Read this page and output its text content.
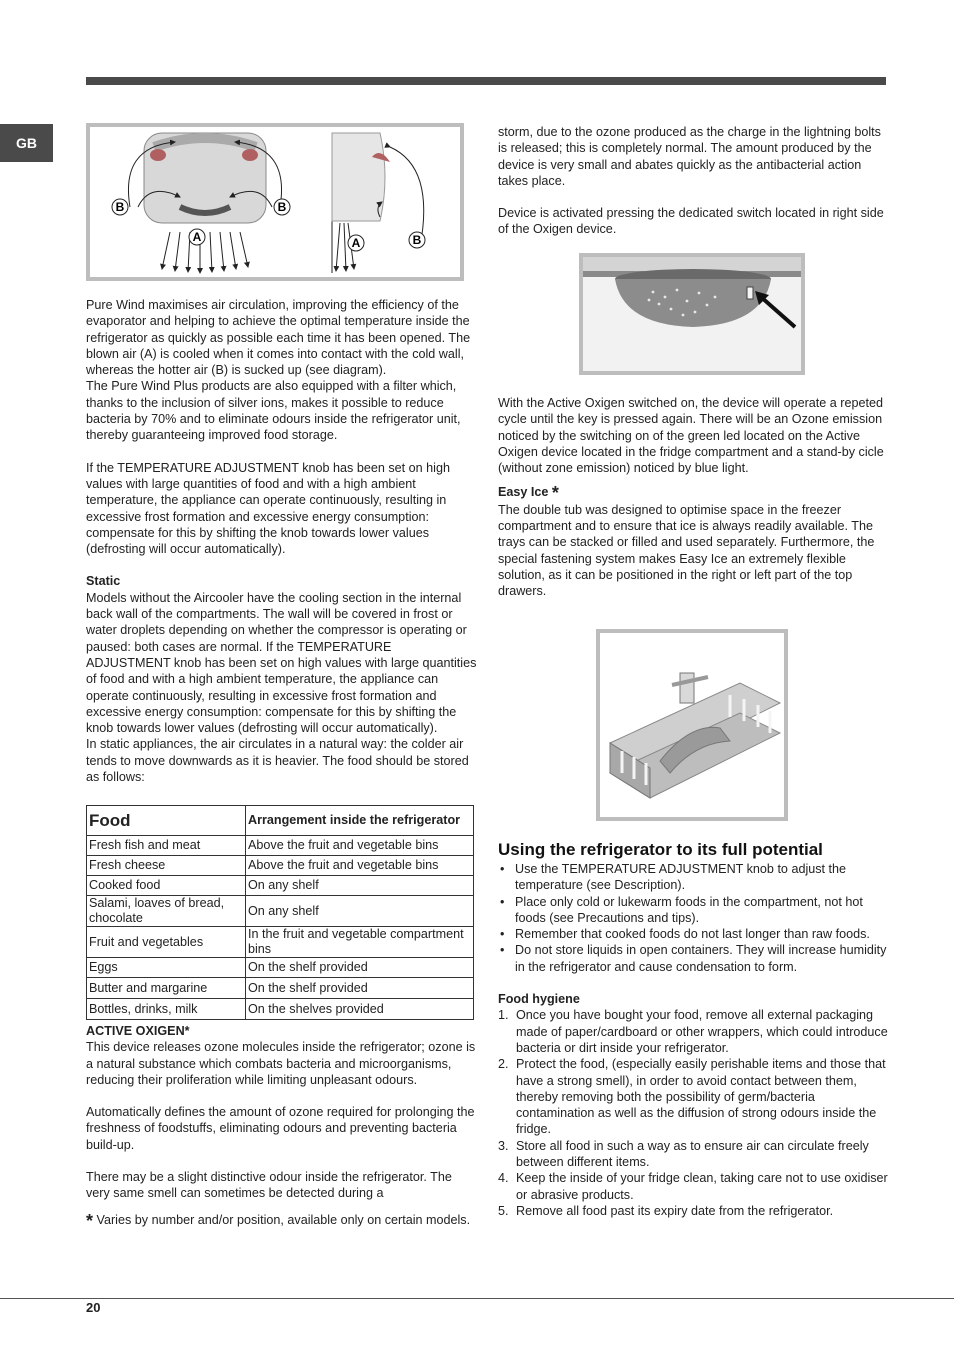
GB
B	B
A	A	B

Pure Wind maximises air circulation, improving the efficiency of the evaporator and helping to achieve the optimal temperature inside the refrigerator as quickly as possible each time it has been opened. The blown air (A) is cooled when it comes into contact with the cold wall, whereas the hotter air (B) is sucked up (see diagram).

The Pure Wind Plus products are also equipped with a filter which, thanks to the inclusion of silver ions, makes it possible to reduce bacteria by 70% and to eliminate odours inside the refrigerator unit, thereby guaranteeing improved food storage.

If the TEMPERATURE ADJUSTMENT knob has been set on high values with large quantities of food and with a high ambient temperature, the appliance can operate continuously, resulting in excessive frost formation and excessive energy consumption: compensate for this by shifting the knob towards lower values (defrosting will occur automatically).

Static

Models without the Aircooler have the cooling section in the internal back wall of the compartments. The wall will be covered in frost or water droplets depending on whether the compressor is operating or paused: both cases are normal. If the TEMPERATURE ADJUSTMENT knob has been set on high values with large quantities of food and with a high ambient temperature, the appliance can operate continuously, resulting in excessive frost formation and excessive energy consumption: compensate for this by shifting the knob towards lower values (defrosting will occur automatically).

In static appliances, the air circulates in a natural way: the colder air tends to move downwards as it is heavier. The food should be stored as follows:

Food	Arrangement inside the refrigerator
Fresh fish and meat	Above the fruit and vegetable bins
Fresh cheese	Above the fruit and vegetable bins
Cooked food	On any shelf
Salami, loaves of bread, chocolate	On any shelf
Fruit and vegetables	In the fruit and vegetable compartment bins
Eggs	On the shelf provided
Butter and margarine	On the shelf provided
Bottles, drinks, milk	On the shelves provided

ACTIVE OXIGEN*

This device releases ozone molecules inside the refrigerator; ozone is a natural substance which combats bacteria and microorganisms, reducing their proliferation while limiting unpleasant odours.

Automatically defines the amount of ozone required for prolonging the freshness of foodstuffs, eliminating odours and preventing bacteria build-up.

There may be a slight distinctive odour inside the refrigerator. The very same smell can sometimes be detected during a

* Varies by number and/or position, available only on certain models.

storm, due to the ozone produced as the charge in the lightning bolts is released; this is completely normal. The amount produced by the device is very small and abates quickly as the antibacterial action takes place.

Device is activated pressing the dedicated switch located in right side of the Oxigen device.

With the Active Oxigen switched on, the device will operate a repeted cycle until the key is pressed again. There will be an Ozone emission noticed by the switching on of the green led located on the Active Oxigen device located in the fridge compartment and a stand-by cicle (without zone emission) noticed by blue light.

Easy Ice *

The double tub was designed to optimise space in the freezer compartment and to ensure that ice is always readily available. The trays can be stacked or filled and used separately. Furthermore, the special fastening system makes Easy Ice an extremely flexible solution, as it can be positioned in the right or left part of the top drawers.

Using the refrigerator to its full potential
• Use the TEMPERATURE ADJUSTMENT knob to adjust the temperature (see Description).
• Place only cold or lukewarm foods in the compartment, not hot foods (see Precautions and tips).
• Remember that cooked foods do not last longer than raw foods.
• Do not store liquids in open containers. They will increase humidity in the refrigerator and cause condensation to form.

Food hygiene

1. Once you have bought your food, remove all external packaging made of paper/cardboard or other wrappers, which could introduce bacteria or dirt inside your refrigerator.
2. Protect the food, (especially easily perishable items and those that have a strong smell), in order to avoid contact between them, thereby removing both the possibility of germ/bacteria contamination as well as the diffusion of strong odours inside the fridge.
3. Store all food in such a way as to ensure air can circulate freely between different items.
4. Keep the inside of your fridge clean, taking care not to use oxidiser or abrasive products.
5. Remove all food past its expiry date from the refrigerator.
20
